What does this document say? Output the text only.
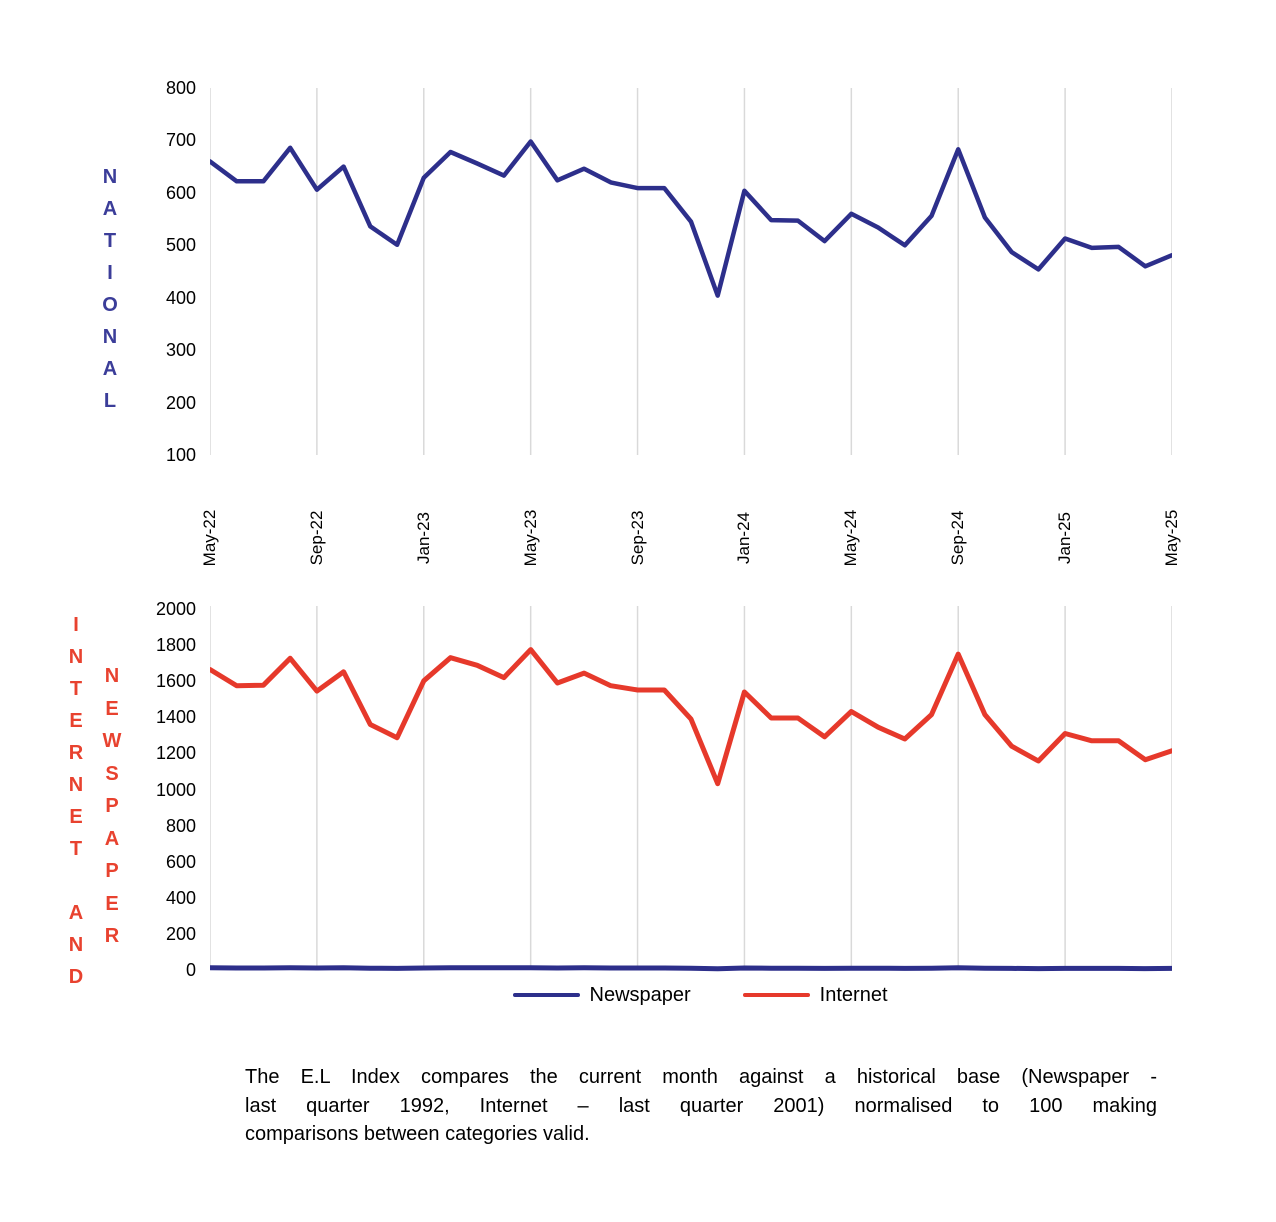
N
A
T
I
O
N
A
L
I
N
T
E
R
N
E
T
A
N
D
N
E
W
S
P
A
P
E
R
800
700
600
500
400
300
200
100
May-22	Sep-22	Jan-23	May-23	Sep-23	Jan-24	May-24	Sep-24	Jan-25	May-25
2000
1800
1600
1400
1200
1000
800
600
400
200
0
Newspaper	Internet
The E.L Index compares the current month against a historical base (Newspaper -
last quarter 1992, Internet – last quarter 2001) normalised to 100 making
comparisons between categories valid.
